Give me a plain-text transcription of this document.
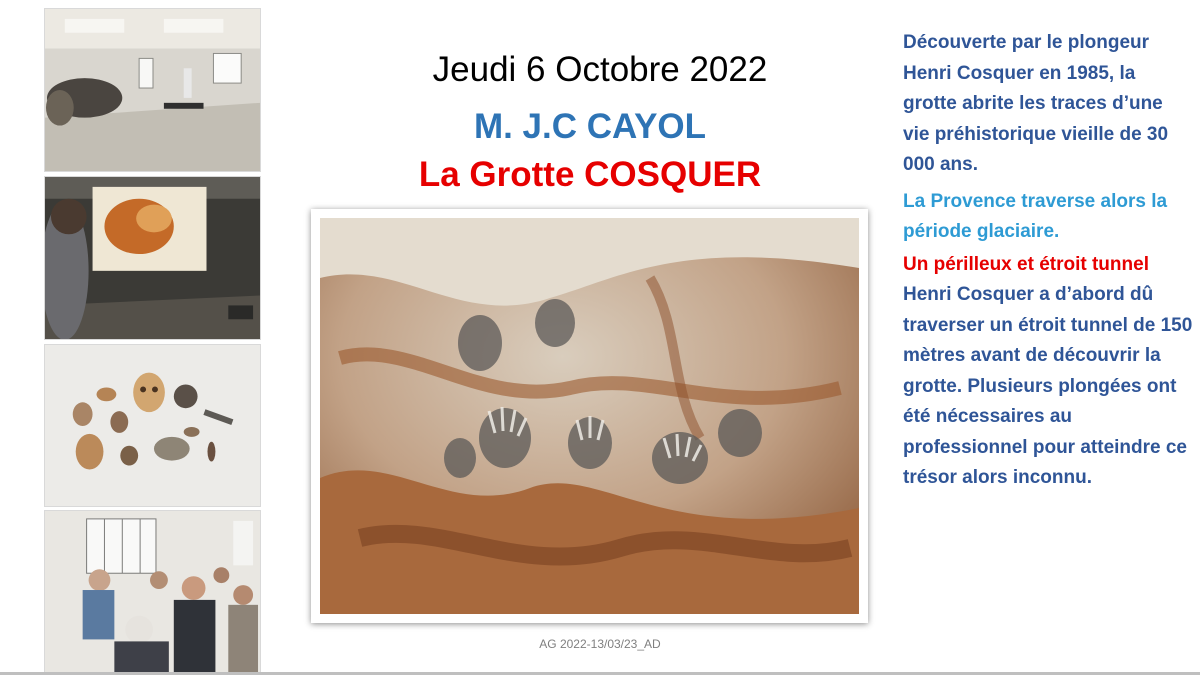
Jeudi 6 Octobre 2022
M. J.C CAYOL
La Grotte COSQUER
AG 2022-13/03/23_AD

Découverte par le plongeur Henri Cosquer en 1985, la grotte abrite les traces d’une vie préhistorique vieille de 30 000 ans.

La Provence traverse alors la période glaciaire.

Un périlleux et étroit tunnel

Henri Cosquer a d’abord dû traverser un étroit tunnel de 150 mètres avant de découvrir la grotte. Plusieurs plongées ont été nécessaires au professionnel pour atteindre ce trésor alors inconnu.
